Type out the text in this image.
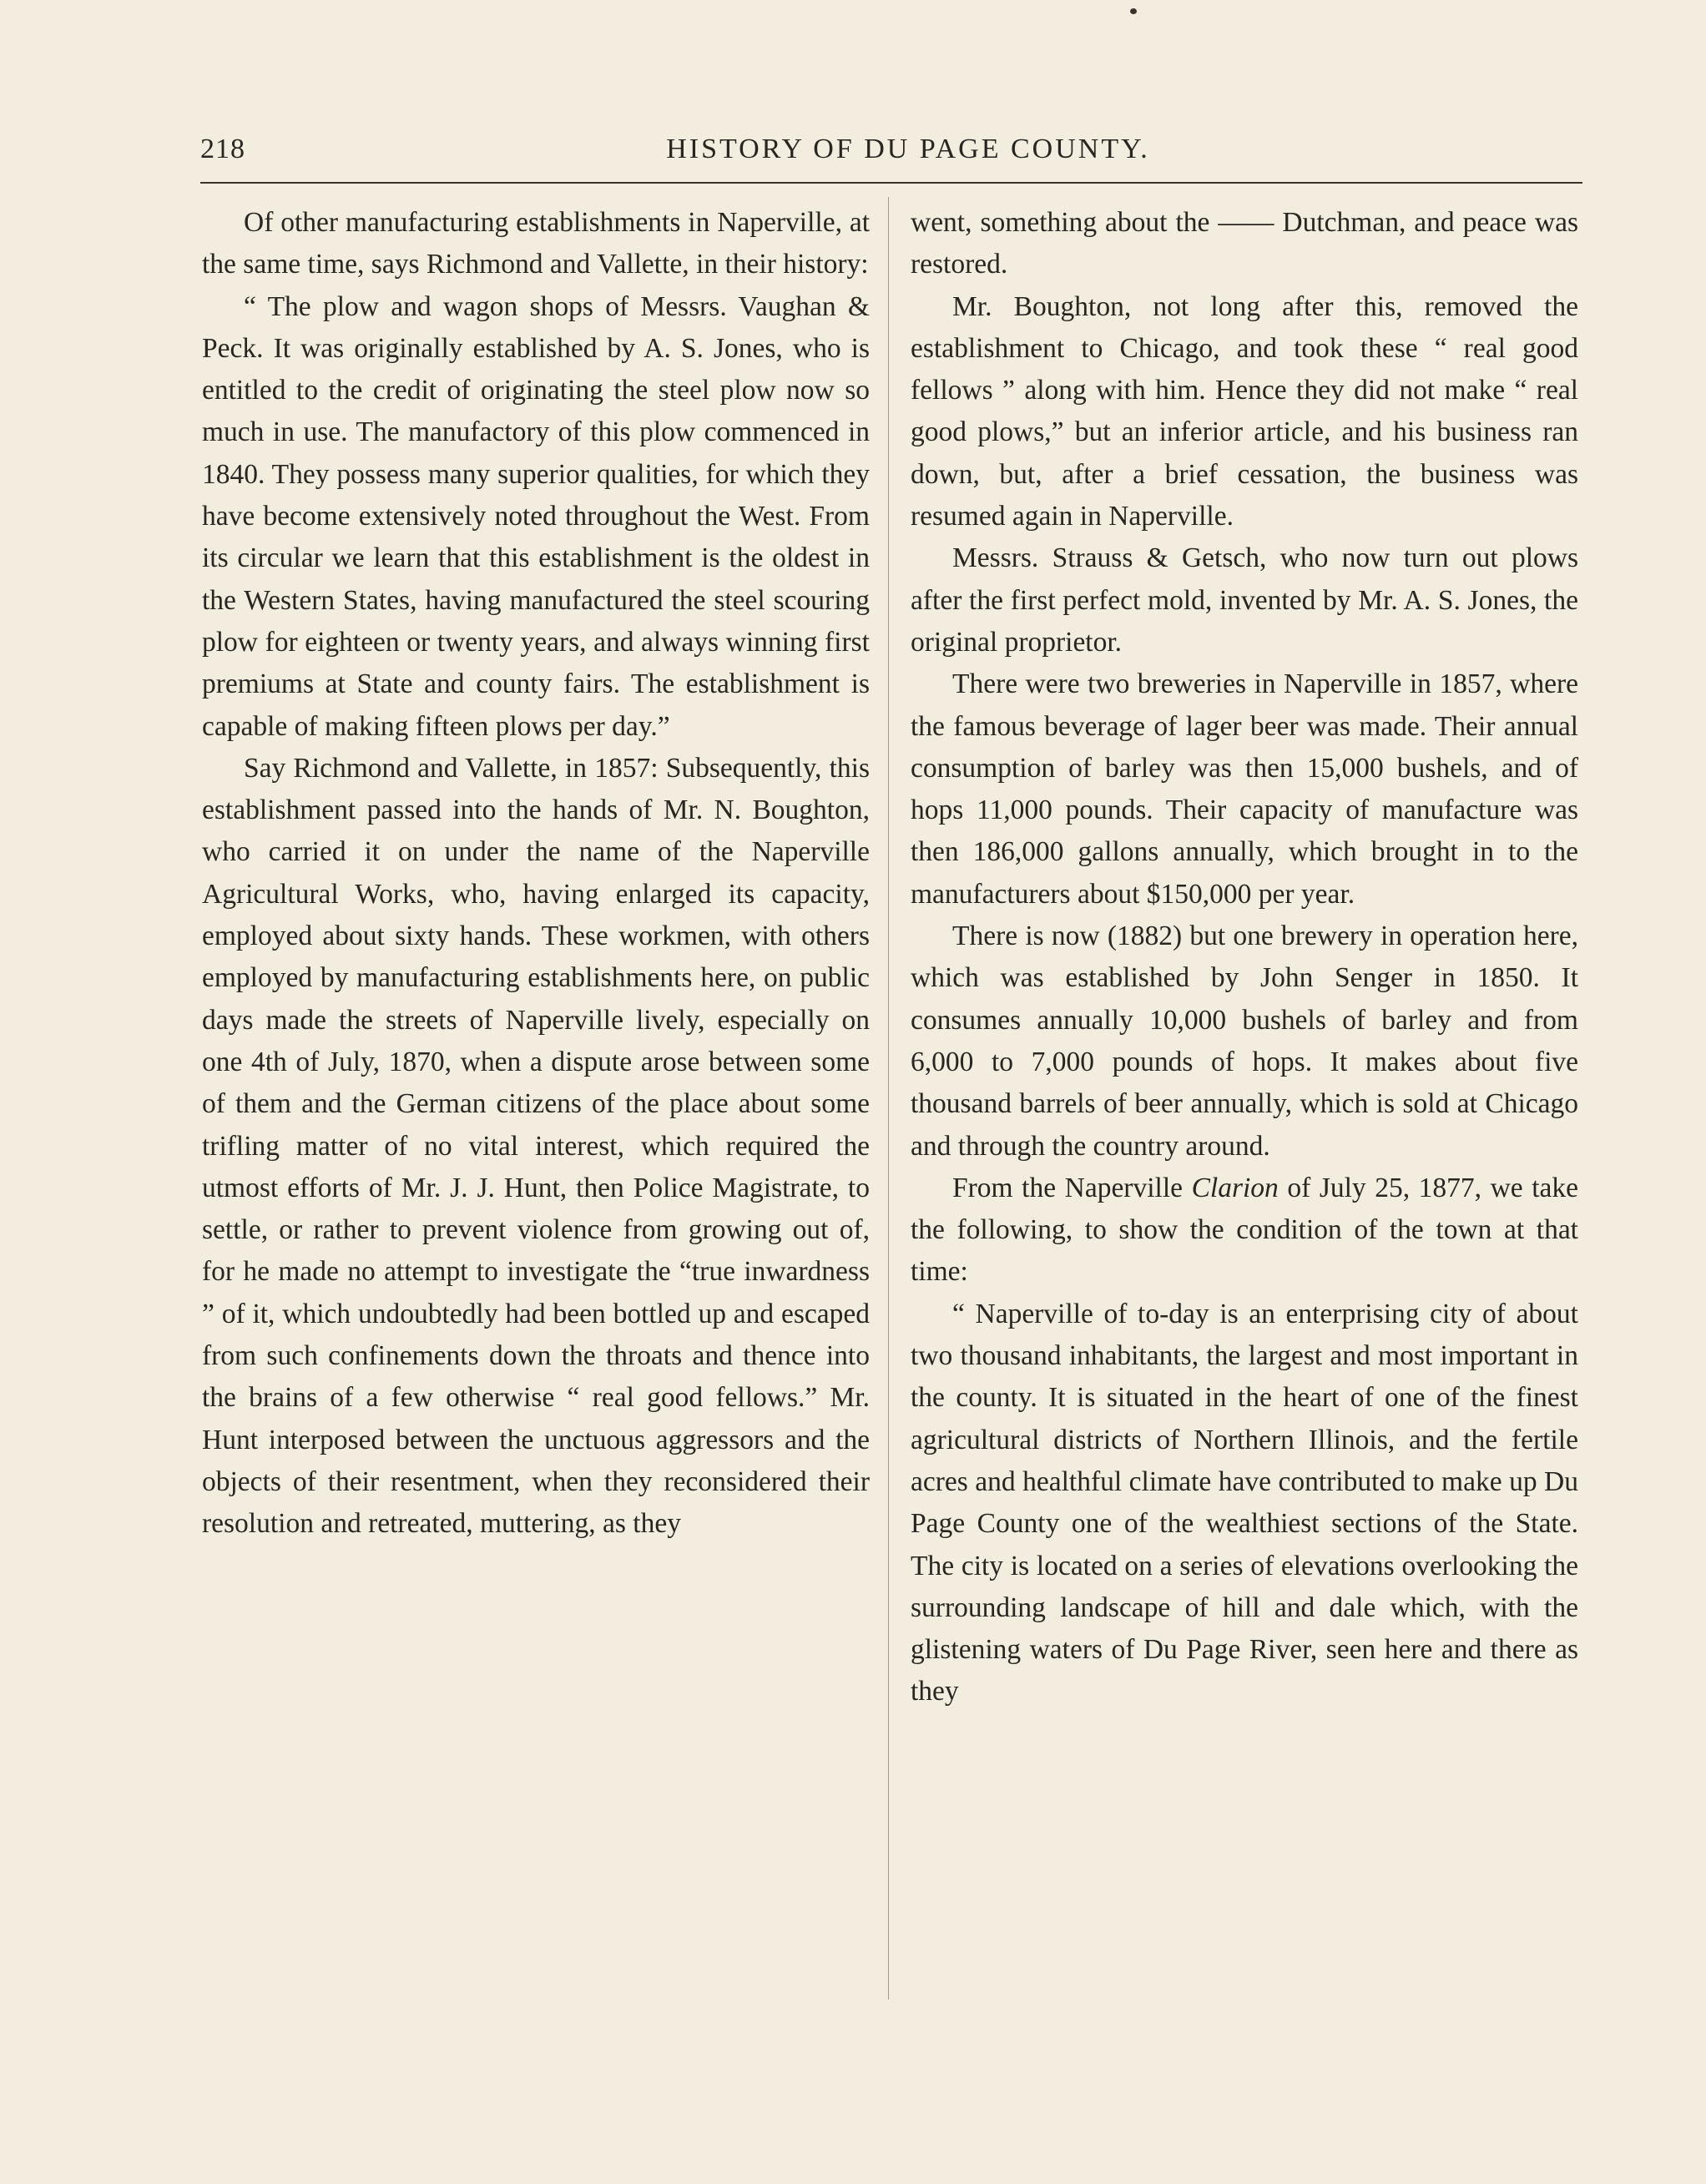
218	HISTORY OF DU PAGE COUNTY.

Of other manufacturing establishments in Naperville, at the same time, says Richmond and Vallette, in their history:

“ The plow and wagon shops of Messrs. Vaughan & Peck. It was originally established by A. S. Jones, who is entitled to the credit of originating the steel plow now so much in use. The manufactory of this plow commenced in 1840. They possess many superior qualities, for which they have become extensively noted throughout the West. From its circular we learn that this establishment is the oldest in the Western States, having manufactured the steel scouring plow for eighteen or twenty years, and always winning first premiums at State and county fairs. The establishment is capable of making fifteen plows per day.”

Say Richmond and Vallette, in 1857: Subsequently, this establishment passed into the hands of Mr. N. Boughton, who carried it on under the name of the Naperville Agricultural Works, who, having enlarged its capacity, employed about sixty hands. These workmen, with others employed by manufacturing establishments here, on public days made the streets of Naperville lively, especially on one 4th of July, 1870, when a dispute arose between some of them and the German citizens of the place about some trifling matter of no vital interest, which required the utmost efforts of Mr. J. J. Hunt, then Police Magistrate, to settle, or rather to prevent violence from growing out of, for he made no attempt to investigate the “true inwardness ” of it, which undoubtedly had been bottled up and escaped from such confinements down the throats and thence into the brains of a few otherwise “ real good fellows.” Mr. Hunt interposed between the unctuous aggressors and the objects of their resentment, when they reconsidered their resolution and retreated, muttering, as they

went, something about the —— Dutchman, and peace was restored.

Mr. Boughton, not long after this, removed the establishment to Chicago, and took these “ real good fellows ” along with him. Hence they did not make “ real good plows,” but an inferior article, and his business ran down, but, after a brief cessation, the business was resumed again in Naperville.

Messrs. Strauss & Getsch, who now turn out plows after the first perfect mold, invented by Mr. A. S. Jones, the original proprietor.

There were two breweries in Naperville in 1857, where the famous beverage of lager beer was made. Their annual consumption of barley was then 15,000 bushels, and of hops 11,000 pounds. Their capacity of manufacture was then 186,000 gallons annually, which brought in to the manufacturers about $150,000 per year.

There is now (1882) but one brewery in operation here, which was established by John Senger in 1850. It consumes annually 10,000 bushels of barley and from 6,000 to 7,000 pounds of hops. It makes about five thousand barrels of beer annually, which is sold at Chicago and through the country around.

From the Naperville Clarion of July 25, 1877, we take the following, to show the condition of the town at that time:

“ Naperville of to-day is an enterprising city of about two thousand inhabitants, the largest and most important in the county. It is situated in the heart of one of the finest agricultural districts of Northern Illinois, and the fertile acres and healthful climate have contributed to make up Du Page County one of the wealthiest sections of the State. The city is located on a series of elevations overlooking the surrounding landscape of hill and dale which, with the glistening waters of Du Page River, seen here and there as they
